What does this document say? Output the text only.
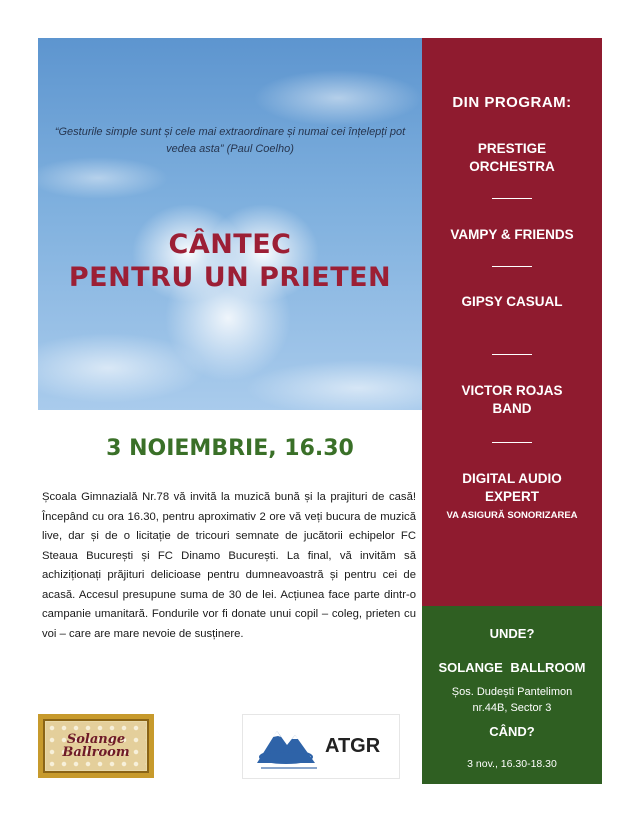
“Gesturile simple sunt și cele mai extraordinare și numai cei înțelepți pot vedea asta” (Paul Coelho)
CÂNTEC
PENTRU UN PRIETEN
DIN PROGRAM:
PRESTIGE
ORCHESTRA
VAMPY & FRIENDS
GIPSY CASUAL
VICTOR ROJAS
BAND
DIGITAL AUDIO
EXPERT
VA ASIGURĂ SONORIZAREA
UNDE?
SOLANGE BALLROOM
Șos. Dudești Pantelimon
nr.44B, Sector 3
CÂND?
3 nov., 16.30-18.30
3 NOIEMBRIE, 16.30
Școala Gimnazială Nr.78 vă invită la muzică bună și la prajituri de casă! Începând cu ora 16.30, pentru aproximativ 2 ore vă veți bucura de muzică live, dar și de o licitație de tricouri semnate de jucătorii echipelor FC Steaua București și FC Dinamo București. La final, vă invităm să achiziționați prăjituri delicioase pentru dumneavoastră și pentru cei de acasă. Accesul presupune suma de 30 de lei. Acțiunea face parte dintr-o campanie umanitară. Fondurile vor fi donate unui copil – coleg, prieten cu voi – care are mare nevoie de susținere.
Solange
Ballroom	ATGR
